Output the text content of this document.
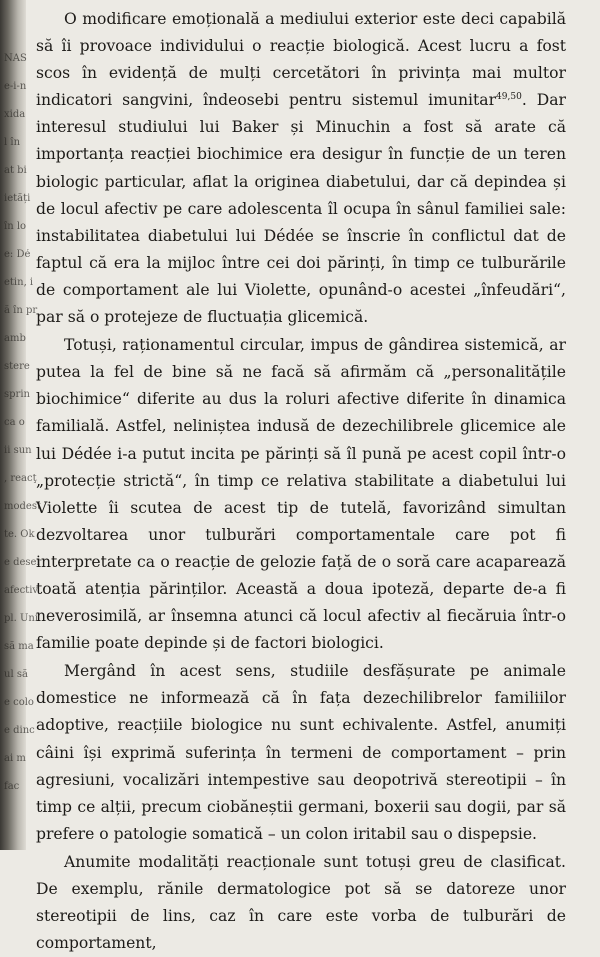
NAS
e-i-n
xida
l în
at bi
ietăți
în lo
e: Dé
etin, i
ă în pr
amb
stere
sprin
ca o
ii sun
, reacţ
modest
te. Ok
e deser
afectiv
pl. Uni
să ma
ul să
e colo
e dinc
ai m
fac

O modificare emoțională a mediului exterior este deci capabilă să îi provoace individului o reacție biologică. Acest lucru a fost scos în evidență de mulți cercetători în privința mai multor indicatori sangvini, îndeosebi pentru sistemul imunitar$^{49,50}$. Dar interesul studiului lui Baker și Minuchin a fost să arate că importanța reacției biochimice era desigur în funcție de un teren biologic particular, aflat la originea diabetului, dar că depindea și de locul afectiv pe care adolescenta îl ocupa în sânul familiei sale: instabilitatea diabetului lui Dédée se înscrie în conflictul dat de faptul că era la mijloc între cei doi părinți, în timp ce tulburările de comportament ale lui Violette, opunând-o acestei „înfeudări“, par să o protejeze de fluctuația glicemică.

Totuși, raționamentul circular, impus de gândirea sistemică, ar putea la fel de bine să ne facă să afirmăm că „personalitățile biochimice“ diferite au dus la roluri afective diferite în dinamica familială. Astfel, neliniștea indusă de dezechilibrele glicemice ale lui Dédée i-a putut incita pe părinți să îl pună pe acest copil într-o „protecție strictă“, în timp ce relativa stabilitate a diabetului lui Violette îi scutea de acest tip de tutelă, favorizând simultan dezvoltarea unor tulburări comportamentale care pot fi interpretate ca o reacție de gelozie față de o soră care acaparează toată atenția părinților. Această a doua ipoteză, departe de-a fi neverosimilă, ar însemna atunci că locul afectiv al fiecăruia într-o familie poate depinde și de factori biologici.

Mergând în acest sens, studiile desfășurate pe animale domestice ne informează că în fața dezechilibrelor familiilor adoptive, reacțiile biologice nu sunt echivalente. Astfel, anumiți câini își exprimă suferința în termeni de comportament – prin agresiuni, vocalizări intempestive sau deopotrivă stereotipii – în timp ce alții, precum ciobăneștii germani, boxerii sau dogii, par să prefere o patologie somatică – un colon iritabil sau o dispepsie.

Anumite modalități reacționale sunt totuși greu de clasificat. De exemplu, rănile dermatologice pot să se datoreze unor stereotipii de lins, caz în care este vorba de tulburări de comportament,
